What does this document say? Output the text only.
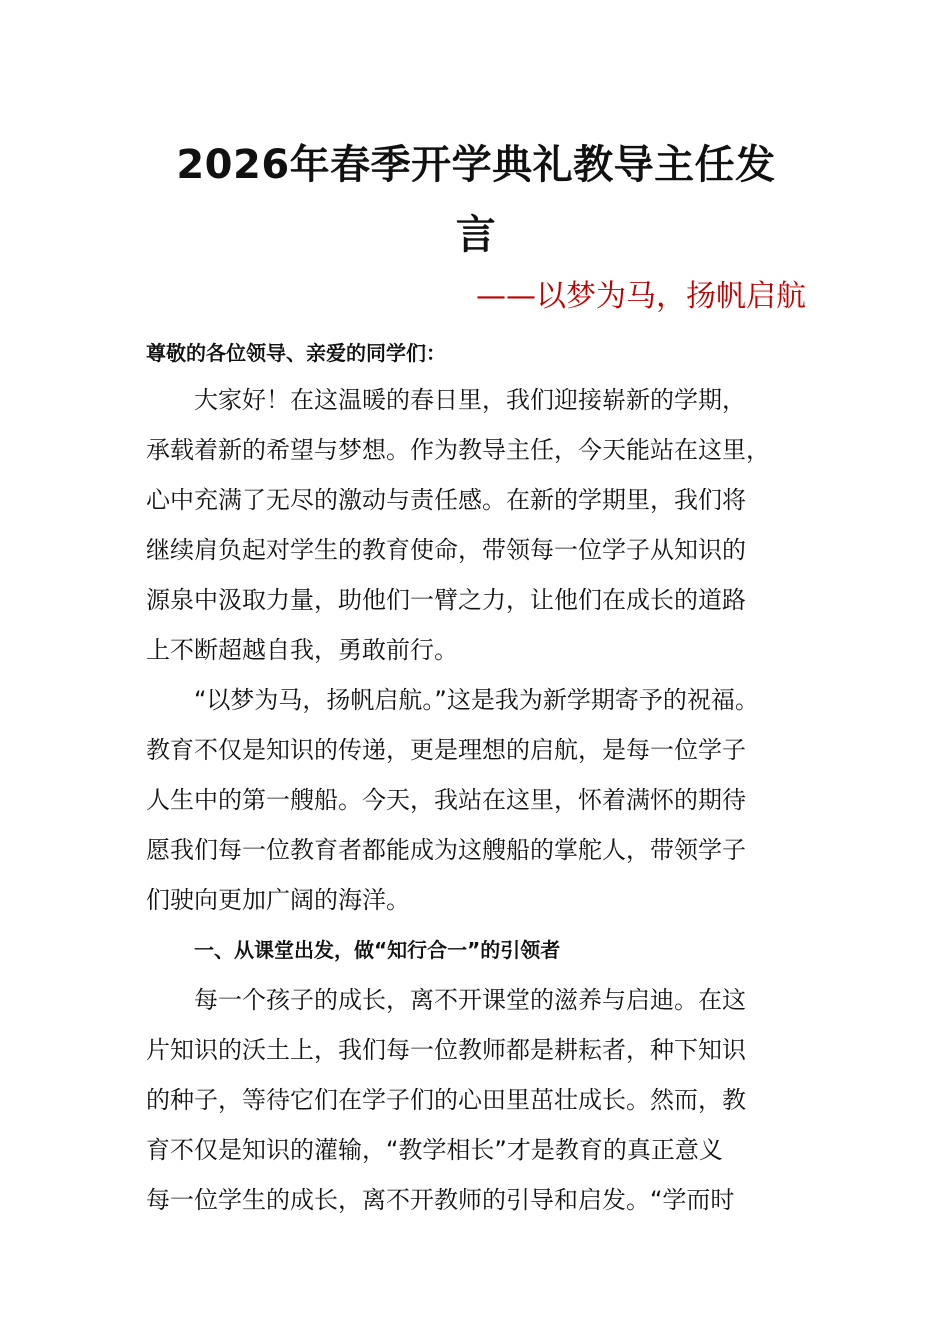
2026年春季开学典礼教导主任发
言
——以梦为马，扬帆启航
尊敬的各位领导、亲爱的同学们：
大家好！在这温暖的春日里，我们迎接崭新的学期，
承载着新的希望与梦想。作为教导主任，今天能站在这里，
心中充满了无尽的激动与责任感。在新的学期里，我们将
继续肩负起对学生的教育使命，带领每一位学子从知识的
源泉中汲取力量，助他们一臂之力，让他们在成长的道路
上不断超越自我，勇敢前行。
“以梦为马，扬帆启航。”这是我为新学期寄予的祝福。
教育不仅是知识的传递，更是理想的启航，是每一位学子
人生中的第一艘船。今天，我站在这里，怀着满怀的期待
愿我们每一位教育者都能成为这艘船的掌舵人，带领学子
们驶向更加广阔的海洋。
一、从课堂出发，做“知行合一”的引领者
每一个孩子的成长，离不开课堂的滋养与启迪。在这
片知识的沃土上，我们每一位教师都是耕耘者，种下知识
的种子，等待它们在学子们的心田里茁壮成长。然而，教
育不仅是知识的灌输，“教学相长”才是教育的真正意义
每一位学生的成长，离不开教师的引导和启发。“学而时
